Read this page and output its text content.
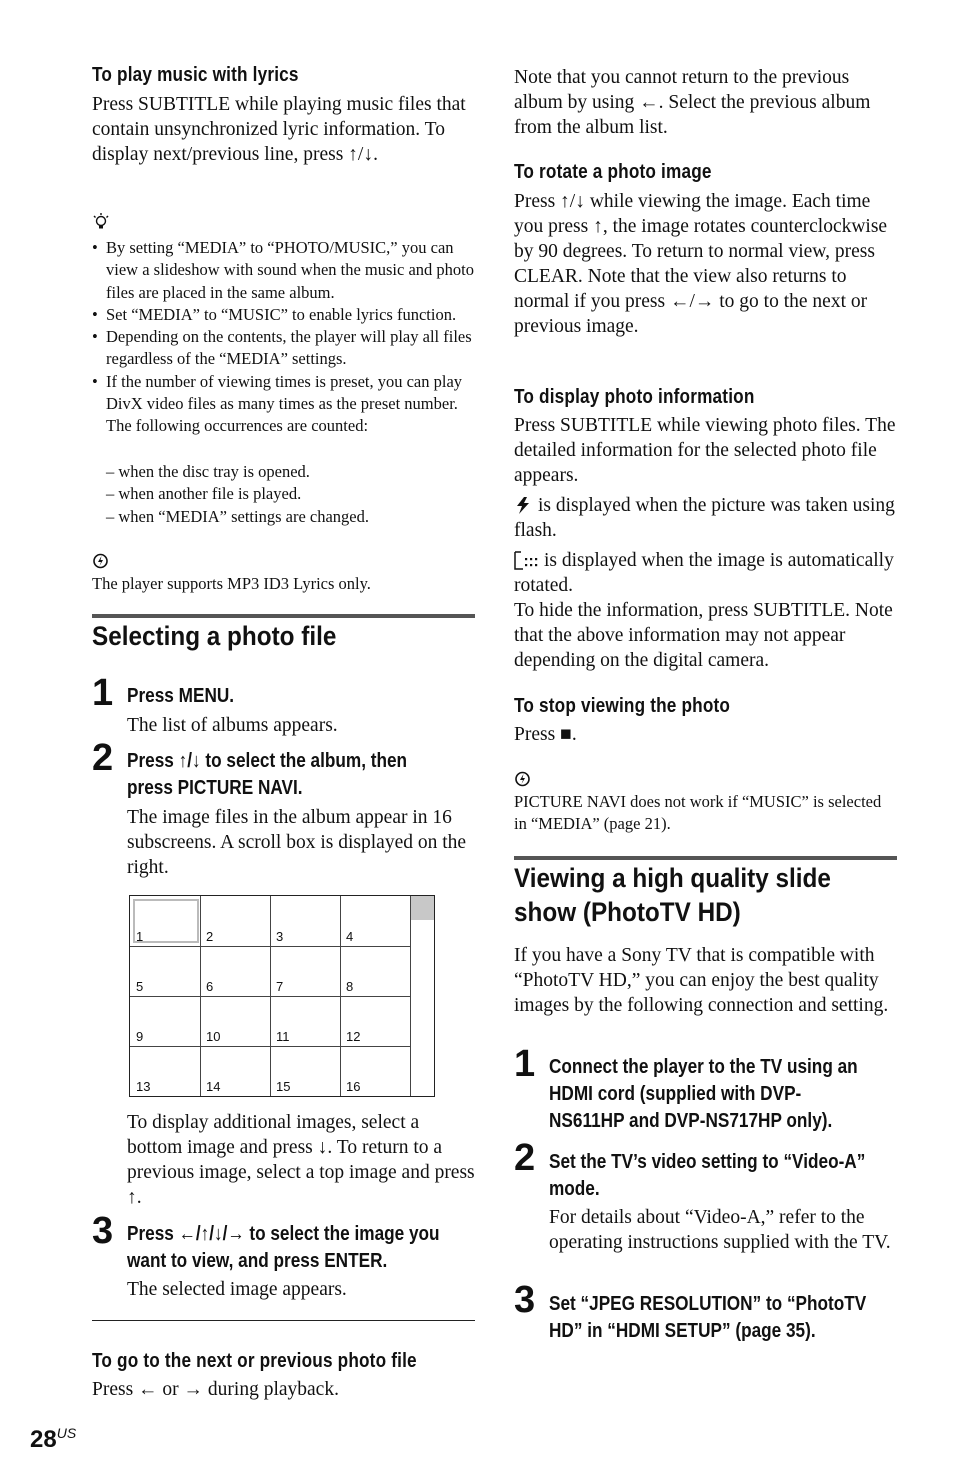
To play music with lyrics
Press SUBTITLE while playing music files that contain unsynchronized lyric information. To display next/previous line, press ↑/↓.
• By setting “MEDIA” to “PHOTO/MUSIC,” you can view a slideshow with sound when the music and photo files are placed in the same album.
• Set “MEDIA” to “MUSIC” to enable lyrics function.
• Depending on the contents, the player will play all files regardless of the “MEDIA” settings.
• If the number of viewing times is preset, you can play DivX video files as many times as the preset number. The following occurrences are counted:
– when the disc tray is opened.
– when another file is played.
– when “MEDIA” settings are changed.
The player supports MP3 ID3 Lyrics only.
Selecting a photo file
1 Press MENU.
The list of albums appears.
2 Press ↑/↓ to select the album, then
press PICTURE NAVI.
The image files in the album appear in 16 subscreens. A scroll box is displayed on the right.
1	2	3	4
5	6	7	8
9	10	11	12
13	14	15	16
To display additional images, select a bottom image and press ↓. To return to a previous image, select a top image and press ↑.
3 Press ←/↑/↓/→ to select the image you
want to view, and press ENTER.
The selected image appears.
To go to the next or previous photo file
Press ← or → during playback.
$28^{US}$
Note that you cannot return to the previous album by using ←. Select the previous album from the album list.
To rotate a photo image
Press ↑/↓ while viewing the image. Each time you press ↑, the image rotates counterclockwise by 90 degrees. To return to normal view, press CLEAR. Note that the view also returns to normal if you press ←/→ to go to the next or previous image.
To display photo information
Press SUBTITLE while viewing photo files. The detailed information for the selected photo file appears.
is displayed when the picture was taken using flash.
is displayed when the image is automatically rotated.
To hide the information, press SUBTITLE. Note that the above information may not appear depending on the digital camera.
To stop viewing the photo
Press ■.
PICTURE NAVI does not work if “MUSIC” is selected in “MEDIA” (page 21).
Viewing a high quality slide
show (PhotoTV HD)
If you have a Sony TV that is compatible with “PhotoTV HD,” you can enjoy the best quality images by the following connection and setting.
1 Connect the player to the TV using an
HDMI cord (supplied with DVP-
NS611HP and DVP-NS717HP only).
2 Set the TV’s video setting to “Video-A”
mode.
For details about “Video-A,” refer to the operating instructions supplied with the TV.
3 Set “JPEG RESOLUTION” to “PhotoTV
HD” in “HDMI SETUP” (page 35).
